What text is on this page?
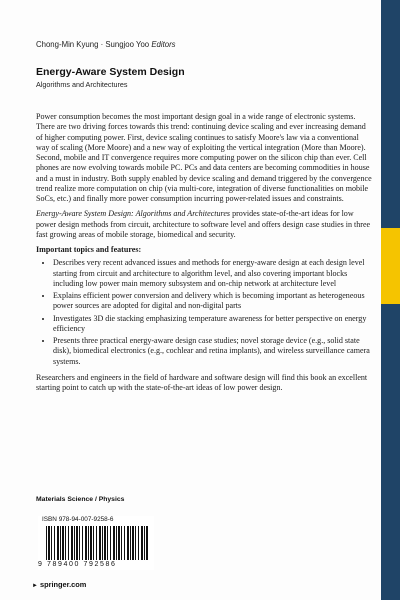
Chong-Min Kyung · Sungjoo Yoo Editors
Energy-Aware System Design
Algorithms and Architectures

Power consumption becomes the most important design goal in a wide range of electronic systems. There are two driving forces towards this trend: continuing device scaling and ever increasing demand of higher computing power. First, device scaling continues to satisfy Moore's law via a conventional way of scaling (More Moore) and a new way of exploiting the vertical integration (More than Moore). Second, mobile and IT convergence requires more computing power on the silicon chip than ever. Cell phones are now evolving towards mobile PC. PCs and data centers are becoming commodities in house and a must in industry. Both supply enabled by device scaling and demand triggered by the convergence trend realize more computation on chip (via multi-core, integration of diverse functionalities on mobile SoCs, etc.) and finally more power consumption incurring power-related issues and constraints.

Energy-Aware System Design: Algorithms and Architectures provides state-of-the-art ideas for low power design methods from circuit, architecture to software level and offers design case studies in three fast growing areas of mobile storage, biomedical and security.

Important topics and features:

• Describes very recent advanced issues and methods for energy-aware design at each design level starting from circuit and architecture to algorithm level, and also covering important blocks including low power main memory subsystem and on-chip network at architecture level
• Explains efficient power conversion and delivery which is becoming important as heterogeneous power sources are adopted for digital and non-digital parts
• Investigates 3D die stacking emphasizing temperature awareness for better perspective on energy efficiency
• Presents three practical energy-aware design case studies; novel storage device (e.g., solid state disk), biomedical electronics (e.g., cochlear and retina implants), and wireless surveillance camera systems.

Researchers and engineers in the field of hardware and software design will find this book an excellent starting point to catch up with the state-of-the-art ideas of low power design.

Materials Science / Physics
ISBN 978-94-007-9258-6
9 789400 792586
► springer.com
